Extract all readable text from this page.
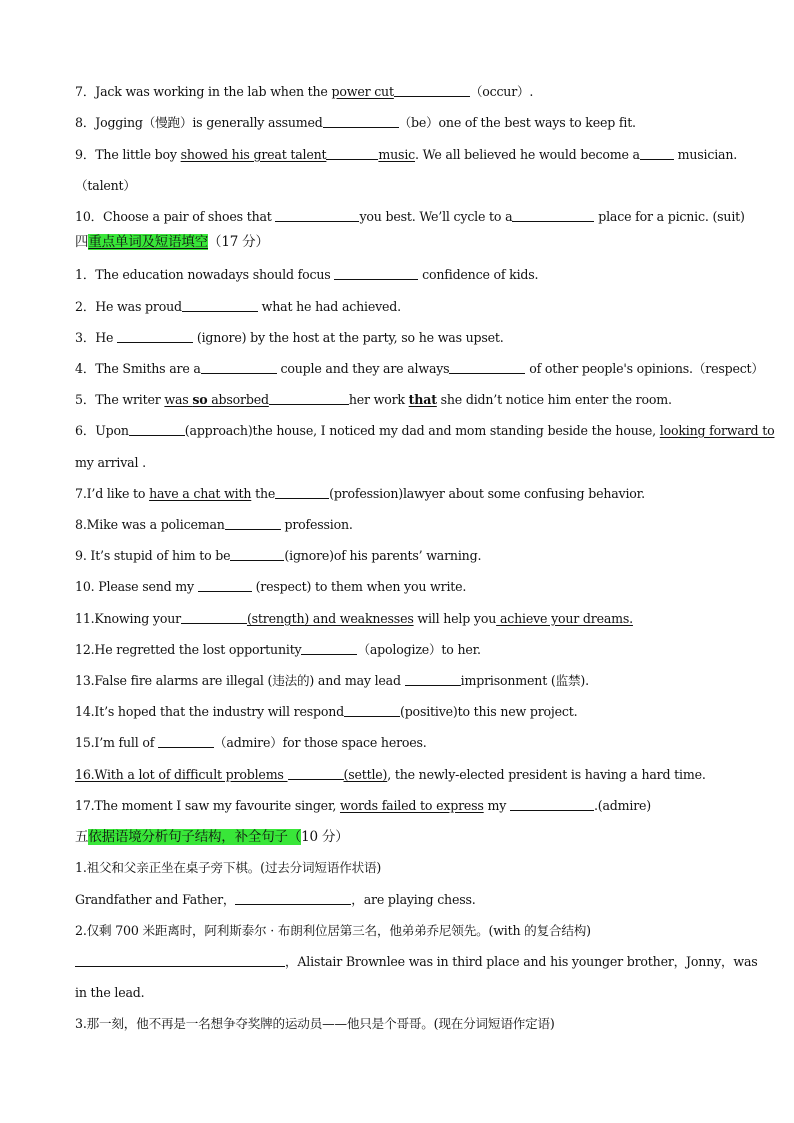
7．Jack was working in the lab when the power cut	（occur）.
8．Jogging（慢跑）is generally assumed	（be）one of the best ways to keep fit.
9．The little boy showed his great talent	music. We all believed he would become a	musician.
（talent）
10．Choose a pair of shoes that	you best. We’ll cycle to a	place for a picnic. (suit)
四重点单词及短语填空（17 分）
1．The education nowadays should focus	confidence of kids.
2．He was proud	what he had achieved.
3．He	(ignore) by the host at the party, so he was upset.
4．The Smiths are a	couple and they are always	of other people's opinions.（respect）
5．The writer was so absorbed	her work that she didn’t notice him enter the room.
6．Upon	(approach)the house, I noticed my dad and mom standing beside the house, looking forward to
my arrival .
7.I’d like to have a chat with the	(profession)lawyer about some confusing behavior.
8.Mike was a policeman	profession.
9. It’s stupid of him to be	(ignore)of his parents’ warning.
10. Please send my	(respect) to them when you write.
11.Knowing your	(strength) and weaknesses will help you achieve your dreams.
12.He regretted the lost opportunity	（apologize）to her.
13.False fire alarms are illegal (违法的) and may lead	imprisonment (监禁).
14.It’s hoped that the industry will respond	(positive)to this new project.
15.I’m full of	（admire）for those space heroes.
16.With a lot of difficult problems	(settle), the newly-elected president is having a hard time.
17.The moment I saw my favourite singer, words failed to express my	.(admire)
五依据语境分析句子结构，补全句子（10 分）
1.祖父和父亲正坐在桌子旁下棋。(过去分词短语作状语)
Grandfather and Father，	，are playing chess.
2.仅剩 700 米距离时，阿利斯泰尔 · 布朗利位居第三名，他弟弟乔尼领先。(with 的复合结构)
，Alistair Brownlee was in third place and his younger brother，Jonny，was
in the lead.
3.那一刻，他不再是一名想争夺奖牌的运动员——他只是个哥哥。(现在分词短语作定语)
